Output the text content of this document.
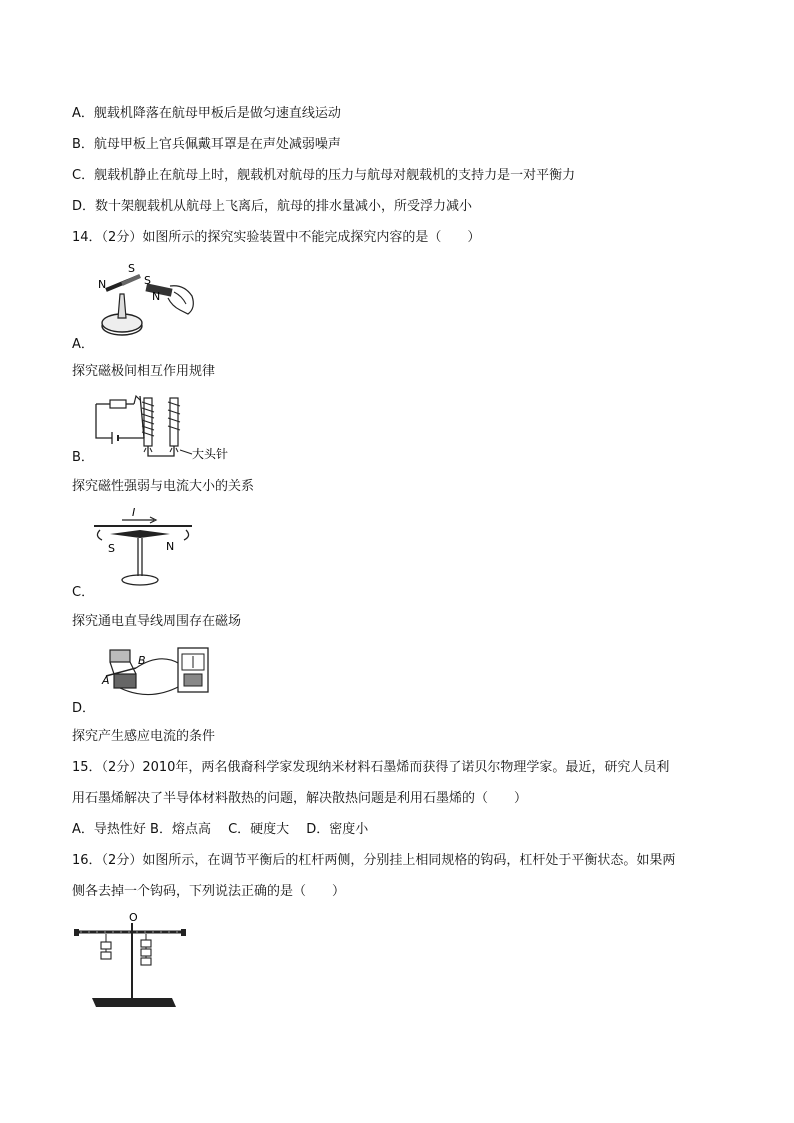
A．舰载机降落在航母甲板后是做匀速直线运动
B．航母甲板上官兵佩戴耳罩是在声处减弱噪声
C．舰载机静止在航母上时，舰载机对航母的压力与航母对舰载机的支持力是一对平衡力
D．数十架舰载机从航母上飞离后，航母的排水量减小，所受浮力减小
14．（2分）如图所示的探究实验装置中不能完成探究内容的是（　　）
N
S
S
N
A．
探究磁极间相互作用规律
大头针
B．
探究磁性强弱与电流大小的关系
I
S	N
C．
探究通电直导线周围存在磁场
A
B
D．
探究产生感应电流的条件
15．（2分）2010年，两名俄裔科学家发现纳米材料石墨烯而获得了诺贝尔物理学家。最近，研究人员利
用石墨烯解决了半导体材料散热的问题，解决散热问题是利用石墨烯的（　　）
A．导热性好 B．熔点高　 C．硬度大　 D．密度小
16．（2分）如图所示，在调节平衡后的杠杆两侧，分别挂上相同规格的钩码，杠杆处于平衡状态。如果两
侧各去掉一个钩码，下列说法正确的是（　　）
O
